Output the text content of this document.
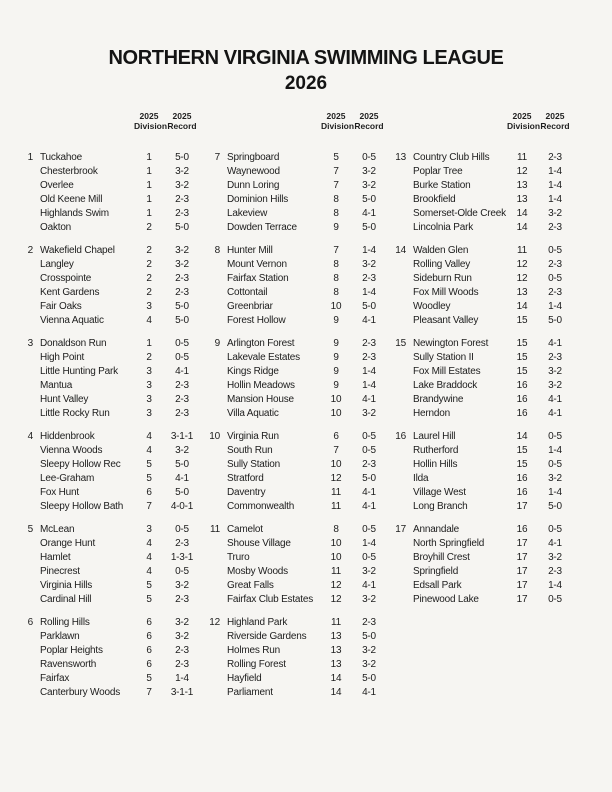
NORTHERN VIRGINIA SWIMMING LEAGUE
2026
2025
Division
2025
Record
1 Tuckahoe	1	5-0
Chesterbrook	1	3-2
Overlee	1	3-2
Old Keene Mill	1	2-3
Highlands Swim	1	2-3
Oakton	2	5-0
2 Wakefield Chapel	2	3-2
Langley	2	3-2
Crosspointe	2	2-3
Kent Gardens	2	2-3
Fair Oaks	3	5-0
Vienna Aquatic	4	5-0
3 Donaldson Run	1	0-5
High Point	2	0-5
Little Hunting Park	3	4-1
Mantua	3	2-3
Hunt Valley	3	2-3
Little Rocky Run	3	2-3
4 Hiddenbrook	4	3-1-1
Vienna Woods	4	3-2
Sleepy Hollow Rec	5	5-0
Lee-Graham	5	4-1
Fox Hunt	6	5-0
Sleepy Hollow Bath	7	4-0-1
5 McLean	3	0-5
Orange Hunt	4	2-3
Hamlet	4	1-3-1
Pinecrest	4	0-5
Virginia Hills	5	3-2
Cardinal Hill	5	2-3
6 Rolling Hills	6	3-2
Parklawn	6	3-2
Poplar Heights	6	2-3
Ravensworth	6	2-3
Fairfax	5	1-4
Canterbury Woods	7	3-1-1
2025
Division
2025
Record
7 Springboard	5	0-5
Waynewood	7	3-2
Dunn Loring	7	3-2
Dominion Hills	8	5-0
Lakeview	8	4-1
Dowden Terrace	9	5-0
8 Hunter Mill	7	1-4
Mount Vernon	8	3-2
Fairfax Station	8	2-3
Cottontail	8	1-4
Greenbriar	10	5-0
Forest Hollow	9	4-1
9 Arlington Forest	9	2-3
Lakevale Estates	9	2-3
Kings Ridge	9	1-4
Hollin Meadows	9	1-4
Mansion House	10	4-1
Villa Aquatic	10	3-2
10 Virginia Run	6	0-5
South Run	7	0-5
Sully Station	10	2-3
Stratford	12	5-0
Daventry	11	4-1
Commonwealth	11	4-1
11 Camelot	8	0-5
Shouse Village	10	1-4
Truro	10	0-5
Mosby Woods	11	3-2
Great Falls	12	4-1
Fairfax Club Estates	12	3-2
12 Highland Park	11	2-3
Riverside Gardens	13	5-0
Holmes Run	13	3-2
Rolling Forest	13	3-2
Hayfield	14	5-0
Parliament	14	4-1
2025
Division
2025
Record
13 Country Club Hills	11	2-3
Poplar Tree	12	1-4
Burke Station	13	1-4
Brookfield	13	1-4
Somerset-Olde Creek	14	3-2
Lincolnia Park	14	2-3
14 Walden Glen	11	0-5
Rolling Valley	12	2-3
Sideburn Run	12	0-5
Fox Mill Woods	13	2-3
Woodley	14	1-4
Pleasant Valley	15	5-0
15 Newington Forest	15	4-1
Sully Station II	15	2-3
Fox Mill Estates	15	3-2
Lake Braddock	16	3-2
Brandywine	16	4-1
Herndon	16	4-1
16 Laurel Hill	14	0-5
Rutherford	15	1-4
Hollin Hills	15	0-5
Ilda	16	3-2
Village West	16	1-4
Long Branch	17	5-0
17 Annandale	16	0-5
North Springfield	17	4-1
Broyhill Crest	17	3-2
Springfield	17	2-3
Edsall Park	17	1-4
Pinewood Lake	17	0-5
